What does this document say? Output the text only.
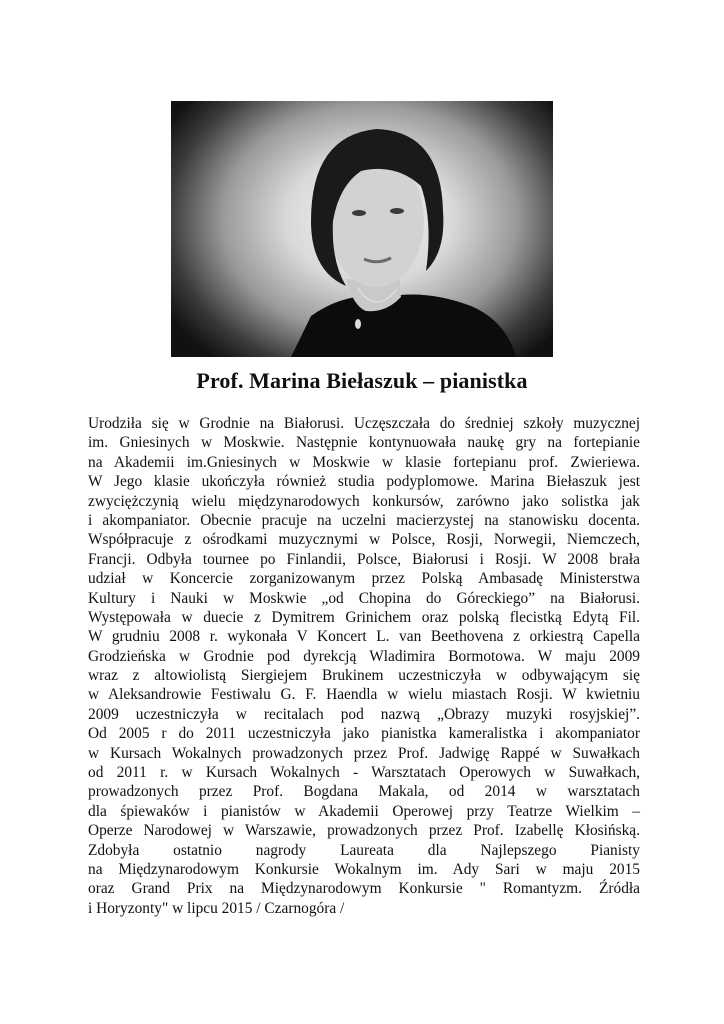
Prof. Marina Biełaszuk – pianistka
Urodziła się w Grodnie na Białorusi. Uczęszczała do średniej szkoły muzycznej
im. Gniesinych w Moskwie. Następnie kontynuowała naukę gry na fortepianie
na Akademii im.Gniesinych w Moskwie w klasie fortepianu prof. Zwieriewa.
W Jego klasie ukończyła również studia podyplomowe. Marina Biełaszuk jest
zwyciężczynią wielu międzynarodowych konkursów, zarówno jako solistka jak
i akompaniator. Obecnie pracuje na uczelni macierzystej na stanowisku docenta.
Współpracuje z ośrodkami muzycznymi w Polsce, Rosji, Norwegii, Niemczech,
Francji. Odbyła tournee po Finlandii, Polsce, Białorusi i Rosji. W 2008 brała
udział w Koncercie zorganizowanym przez Polską Ambasadę Ministerstwa
Kultury i Nauki w Moskwie „od Chopina do Góreckiego” na Białorusi.
Występowała w duecie z Dymitrem Grinichem oraz polską flecistką Edytą Fil.
W grudniu 2008 r. wykonała V Koncert L. van Beethovena z orkiestrą Capella
Grodzieńska w Grodnie pod dyrekcją Wladimira Bormotowa. W maju 2009
wraz z altowiolistą Siergiejem Brukinem uczestniczyła w odbywającym się
w Aleksandrowie Festiwalu G. F. Haendla w wielu miastach Rosji. W kwietniu
2009 uczestniczyła w recitalach pod nazwą „Obrazy muzyki rosyjskiej”.
Od 2005 r do 2011 uczestniczyła jako pianistka kameralistka i akompaniator
w Kursach Wokalnych prowadzonych przez Prof. Jadwigę Rappé w Suwałkach
od 2011 r. w Kursach Wokalnych - Warsztatach Operowych w Suwałkach,
prowadzonych przez Prof. Bogdana Makala, od 2014 w warsztatach
dla śpiewaków i pianistów w Akademii Operowej przy Teatrze Wielkim –
Operze Narodowej w Warszawie, prowadzonych przez Prof. Izabellę Kłosińską.
Zdobyła ostatnio nagrody Laureata dla Najlepszego Pianisty
na Międzynarodowym Konkursie Wokalnym im. Ady Sari w maju 2015
oraz Grand Prix na Międzynarodowym Konkursie " Romantyzm. Źródła
i Horyzonty" w lipcu 2015 / Czarnogóra /
